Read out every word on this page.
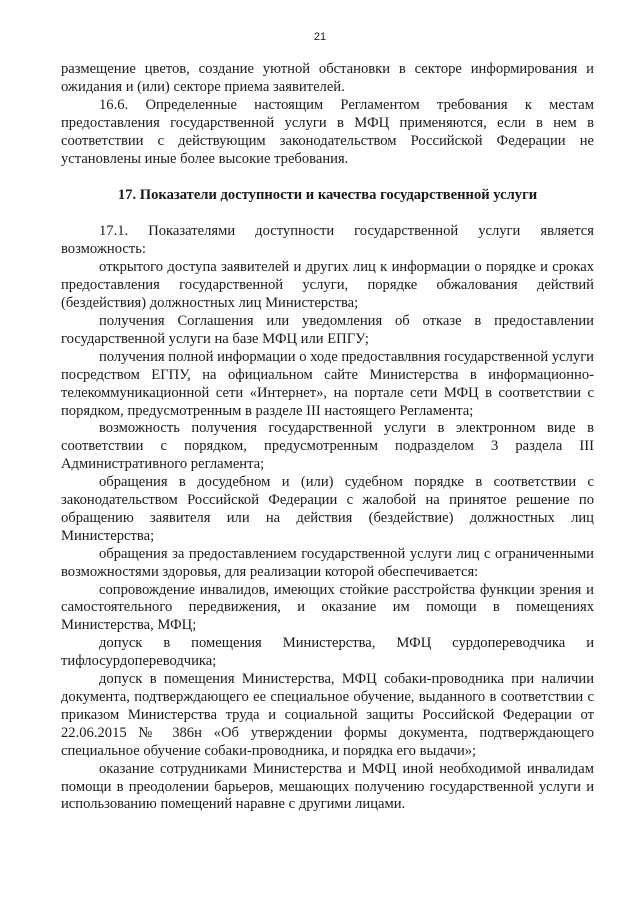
21

размещение цветов, создание уютной обстановки в секторе информирования и ожидания и (или) секторе приема заявителей.

16.6. Определенные настоящим Регламентом требования к местам предоставления государственной услуги в МФЦ применяются, если в нем в соответствии с действующим законодательством Российской Федерации не установлены иные более высокие требования.

17. Показатели доступности и качества государственной услуги

17.1. Показателями доступности государственной услуги является возможность:

открытого доступа заявителей и других лиц к информации о порядке и сроках предоставления государственной услуги, порядке обжалования действий (бездействия) должностных лиц Министерства;

получения Соглашения или уведомления об отказе в предоставлении государственной услуги на базе МФЦ или ЕПГУ;

получения полной информации о ходе предоставлвния государственной услуги посредством ЕГПУ, на официальном сайте Министерства в информационно-телекоммуникационной сети «Интернет», на портале сети МФЦ в соответствии с порядком, предусмотренным в разделе III настоящего Регламента;

возможность получения государственной услуги в электронном виде в соответствии с порядком, предусмотренным подразделом 3 раздела III Административного регламента;

обращения в досудебном и (или) судебном порядке в соответствии с законодательством Российской Федерации с жалобой на принятое решение по обращению заявителя или на действия (бездействие) должностных лиц Министерства;

обращения за предоставлением государственной услуги лиц с ограниченными возможностями здоровья, для реализации которой обеспечивается:

сопровождение инвалидов, имеющих стойкие расстройства функции зрения и самостоятельного передвижения, и оказание им помощи в помещениях Министерства, МФЦ;

допуск в помещения Министерства, МФЦ сурдопереводчика и тифлосурдопереводчика;

допуск в помещения Министерства, МФЦ собаки-проводника при наличии документа, подтверждающего ее специальное обучение, выданного в соответствии с приказом Министерства труда и социальной защиты Российской Федерации от 22.06.2015 № 386н «Об утверждении формы документа, подтверждающего специальное обучение собаки-проводника, и порядка его выдачи»;

оказание сотрудниками Министерства и МФЦ иной необходимой инвалидам помощи в преодолении барьеров, мешающих получению государственной услуги и использованию помещений наравне с другими лицами.
